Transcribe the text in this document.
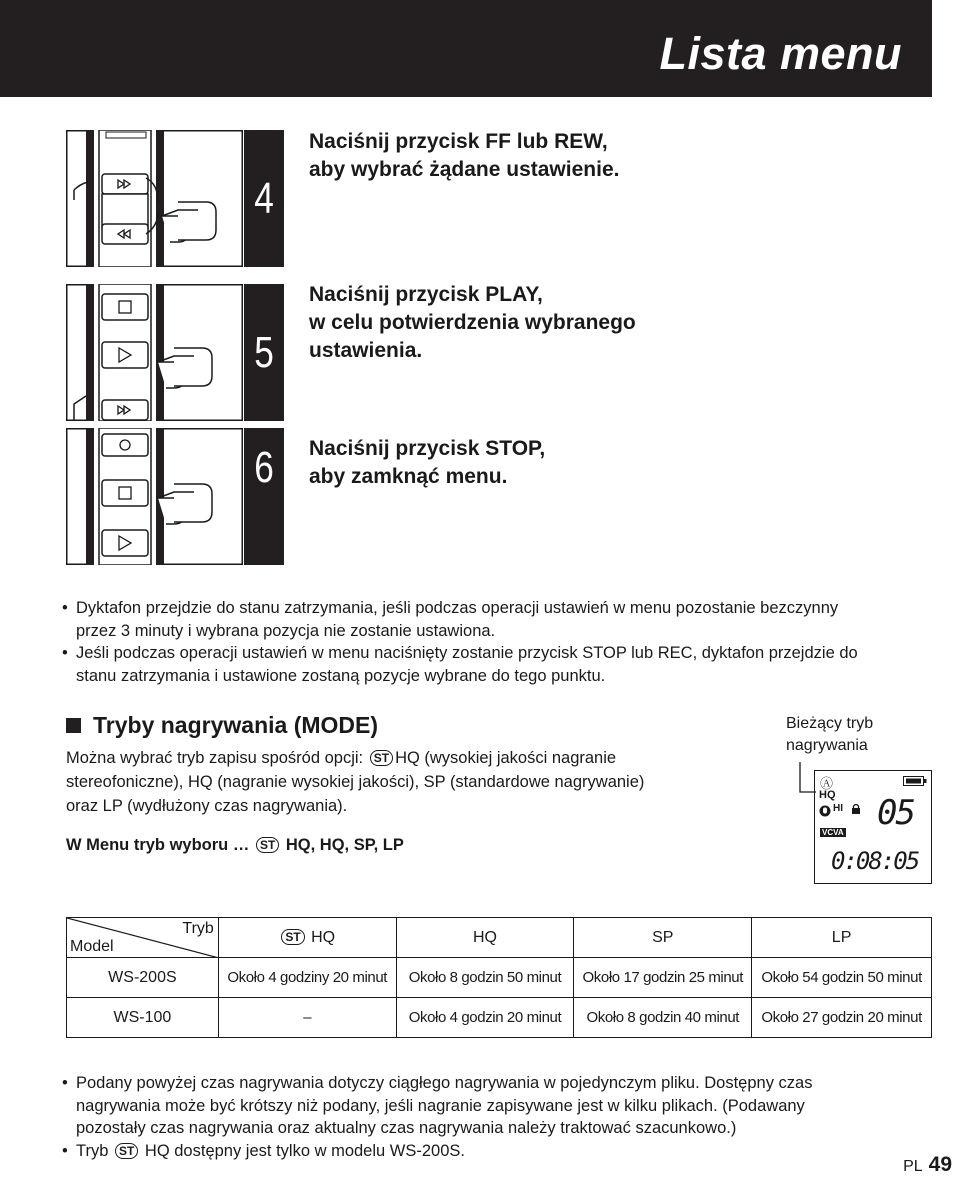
Lista menu
4
Naciśnij przycisk FF lub REW,
aby wybrać żądane ustawienie.
5
Naciśnij przycisk PLAY,
w celu potwierdzenia wybranego
ustawienia.
6 Naciśnij przycisk STOP,
aby zamknąć menu.
• Dyktafon przejdzie do stanu zatrzymania, jeśli podczas operacji ustawień w menu pozostanie bezczynny
przez 3 minuty i wybrana pozycja nie zostanie ustawiona.
• Jeśli podczas operacji ustawień w menu naciśnięty zostanie przycisk STOP lub REC, dyktafon przejdzie do
stanu zatrzymania i ustawione zostaną pozycje wybrane do tego punktu.
Tryby nagrywania (MODE)
Można wybrać tryb zapisu spośród opcji: ST HQ (wysokiej jakości nagranie
stereofoniczne), HQ (nagranie wysokiej jakości), SP (standardowe nagrywanie)
oraz LP (wydłużony czas nagrywania).
W Menu tryb wyboru … ST HQ, HQ, SP, LP
Bieżący tryb
nagrywania
Ⓐ
HQ
HI
VCVA 05
0:08:05
Tryb
Model	ST HQ	HQ	SP	LP
WS-200S	Około 4 godziny 20 minut	Około 8 godzin 50 minut	Około 17 godzin 25 minut	Około 54 godzin 50 minut
WS-100	–	Około 4 godzin 20 minut	Około 8 godzin 40 minut	Około 27 godzin 20 minut
• Podany powyżej czas nagrywania dotyczy ciągłego nagrywania w pojedynczym pliku. Dostępny czas
nagrywania może być krótszy niż podany, jeśli nagranie zapisywane jest w kilku plikach. (Podawany
pozostały czas nagrywania oraz aktualny czas nagrywania należy traktować szacunkowo.)
• Tryb ST HQ dostępny jest tylko w modelu WS-200S.
PL 49
